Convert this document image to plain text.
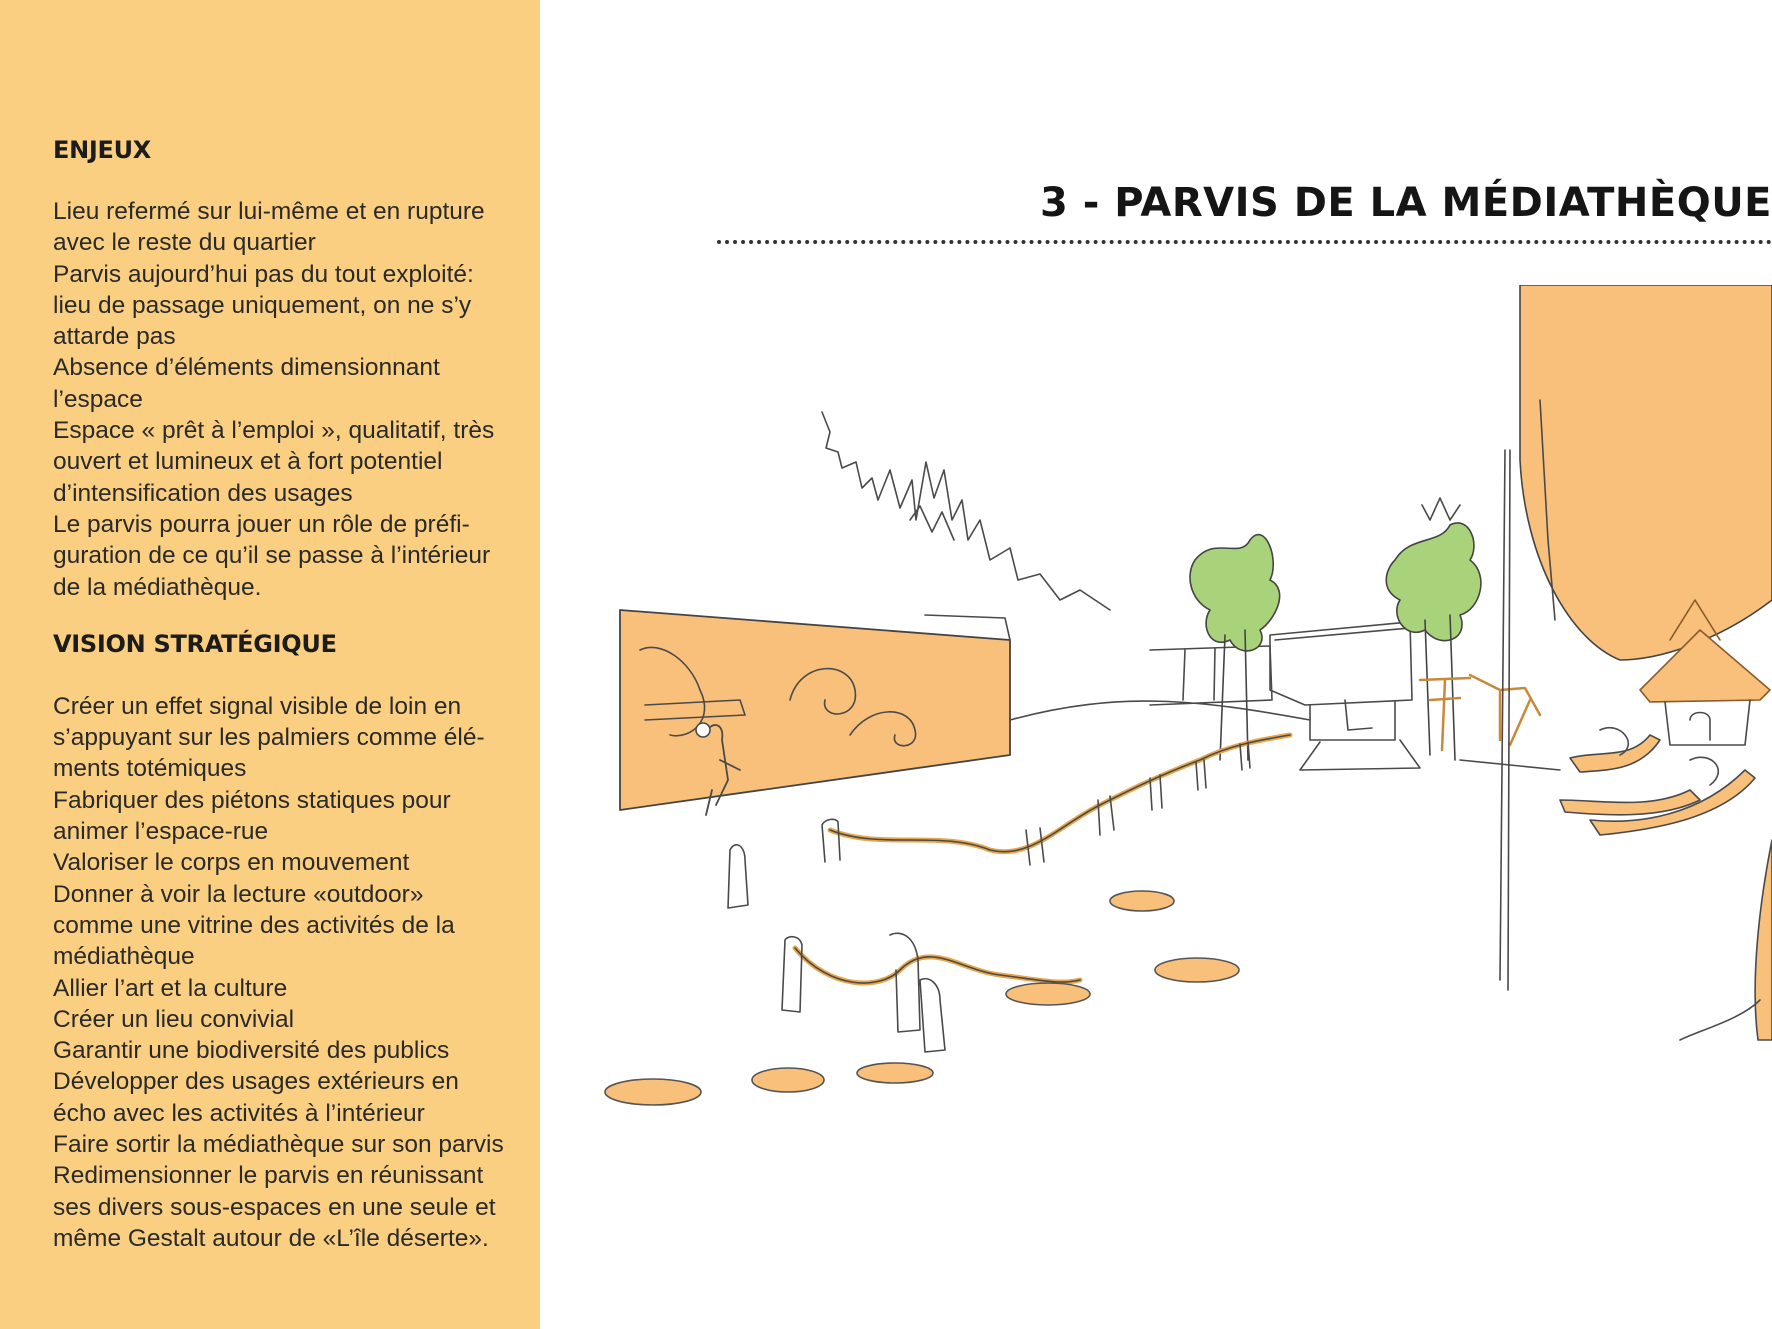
ENJEUX
Lieu refermé sur lui-même et en rupture
avec le reste du quartier
Parvis aujourd’hui pas du tout exploité:
lieu de passage uniquement, on ne s’y
attarde pas
Absence d’éléments dimensionnant
l’espace
Espace « prêt à l’emploi », qualitatif, très
ouvert et lumineux et à fort potentiel
d’intensification des usages
Le parvis pourra jouer un rôle de préfi-
guration de ce qu’il se passe à l’intérieur
de la médiathèque.
VISION STRATÉGIQUE
Créer un effet signal visible de loin en
s’appuyant sur les palmiers comme élé-
ments totémiques
Fabriquer des piétons statiques pour
animer l’espace-rue
Valoriser le corps en mouvement
Donner à voir la lecture «outdoor»
comme une vitrine des activités de la
médiathèque
Allier l’art et la culture
Créer un lieu convivial
Garantir une biodiversité des publics
Développer des usages extérieurs en
écho avec les activités à l’intérieur
Faire sortir la médiathèque sur son parvis
Redimensionner le parvis en réunissant
ses divers sous-espaces en une seule et
même Gestalt autour de «L’île déserte».
3 - PARVIS DE LA MÉDIATHÈQUE
